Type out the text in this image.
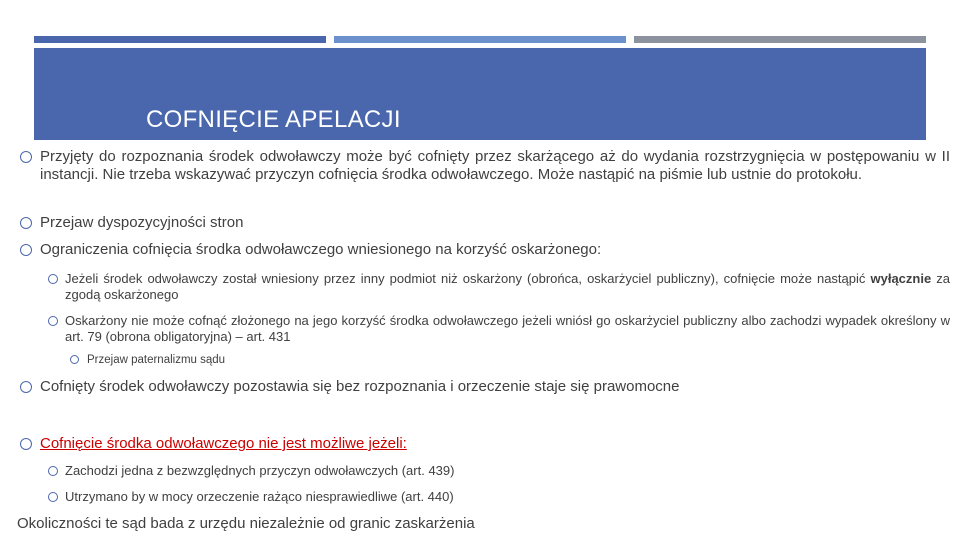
COFNIĘCIE APELACJI
Przyjęty do rozpoznania środek odwoławczy może być cofnięty przez skarżącego aż do wydania rozstrzygnięcia w postępowaniu w II instancji. Nie trzeba wskazywać przyczyn cofnięcia środka odwoławczego. Może nastąpić na piśmie lub ustnie do protokołu.
Przejaw dyspozycyjności stron
Ograniczenia cofnięcia środka odwoławczego wniesionego na korzyść oskarżonego:
Jeżeli środek odwoławczy został wniesiony przez inny podmiot niż oskarżony (obrońca, oskarżyciel publiczny), cofnięcie może nastąpić wyłącznie za zgodą oskarżonego
Oskarżony nie może cofnąć złożonego na jego korzyść środka odwoławczego jeżeli wniósł go oskarżyciel publiczny albo zachodzi wypadek określony w art. 79 (obrona obligatoryjna) – art. 431
Przejaw paternalizmu sądu
Cofnięty środek odwoławczy pozostawia się bez rozpoznania i orzeczenie staje się prawomocne
Cofnięcie środka odwoławczego nie jest możliwe jeżeli:
Zachodzi jedna z bezwzględnych przyczyn odwoławczych (art. 439)
Utrzymano by w mocy orzeczenie rażąco niesprawiedliwe (art. 440)
Okoliczności te sąd bada z urzędu niezależnie od granic zaskarżenia
